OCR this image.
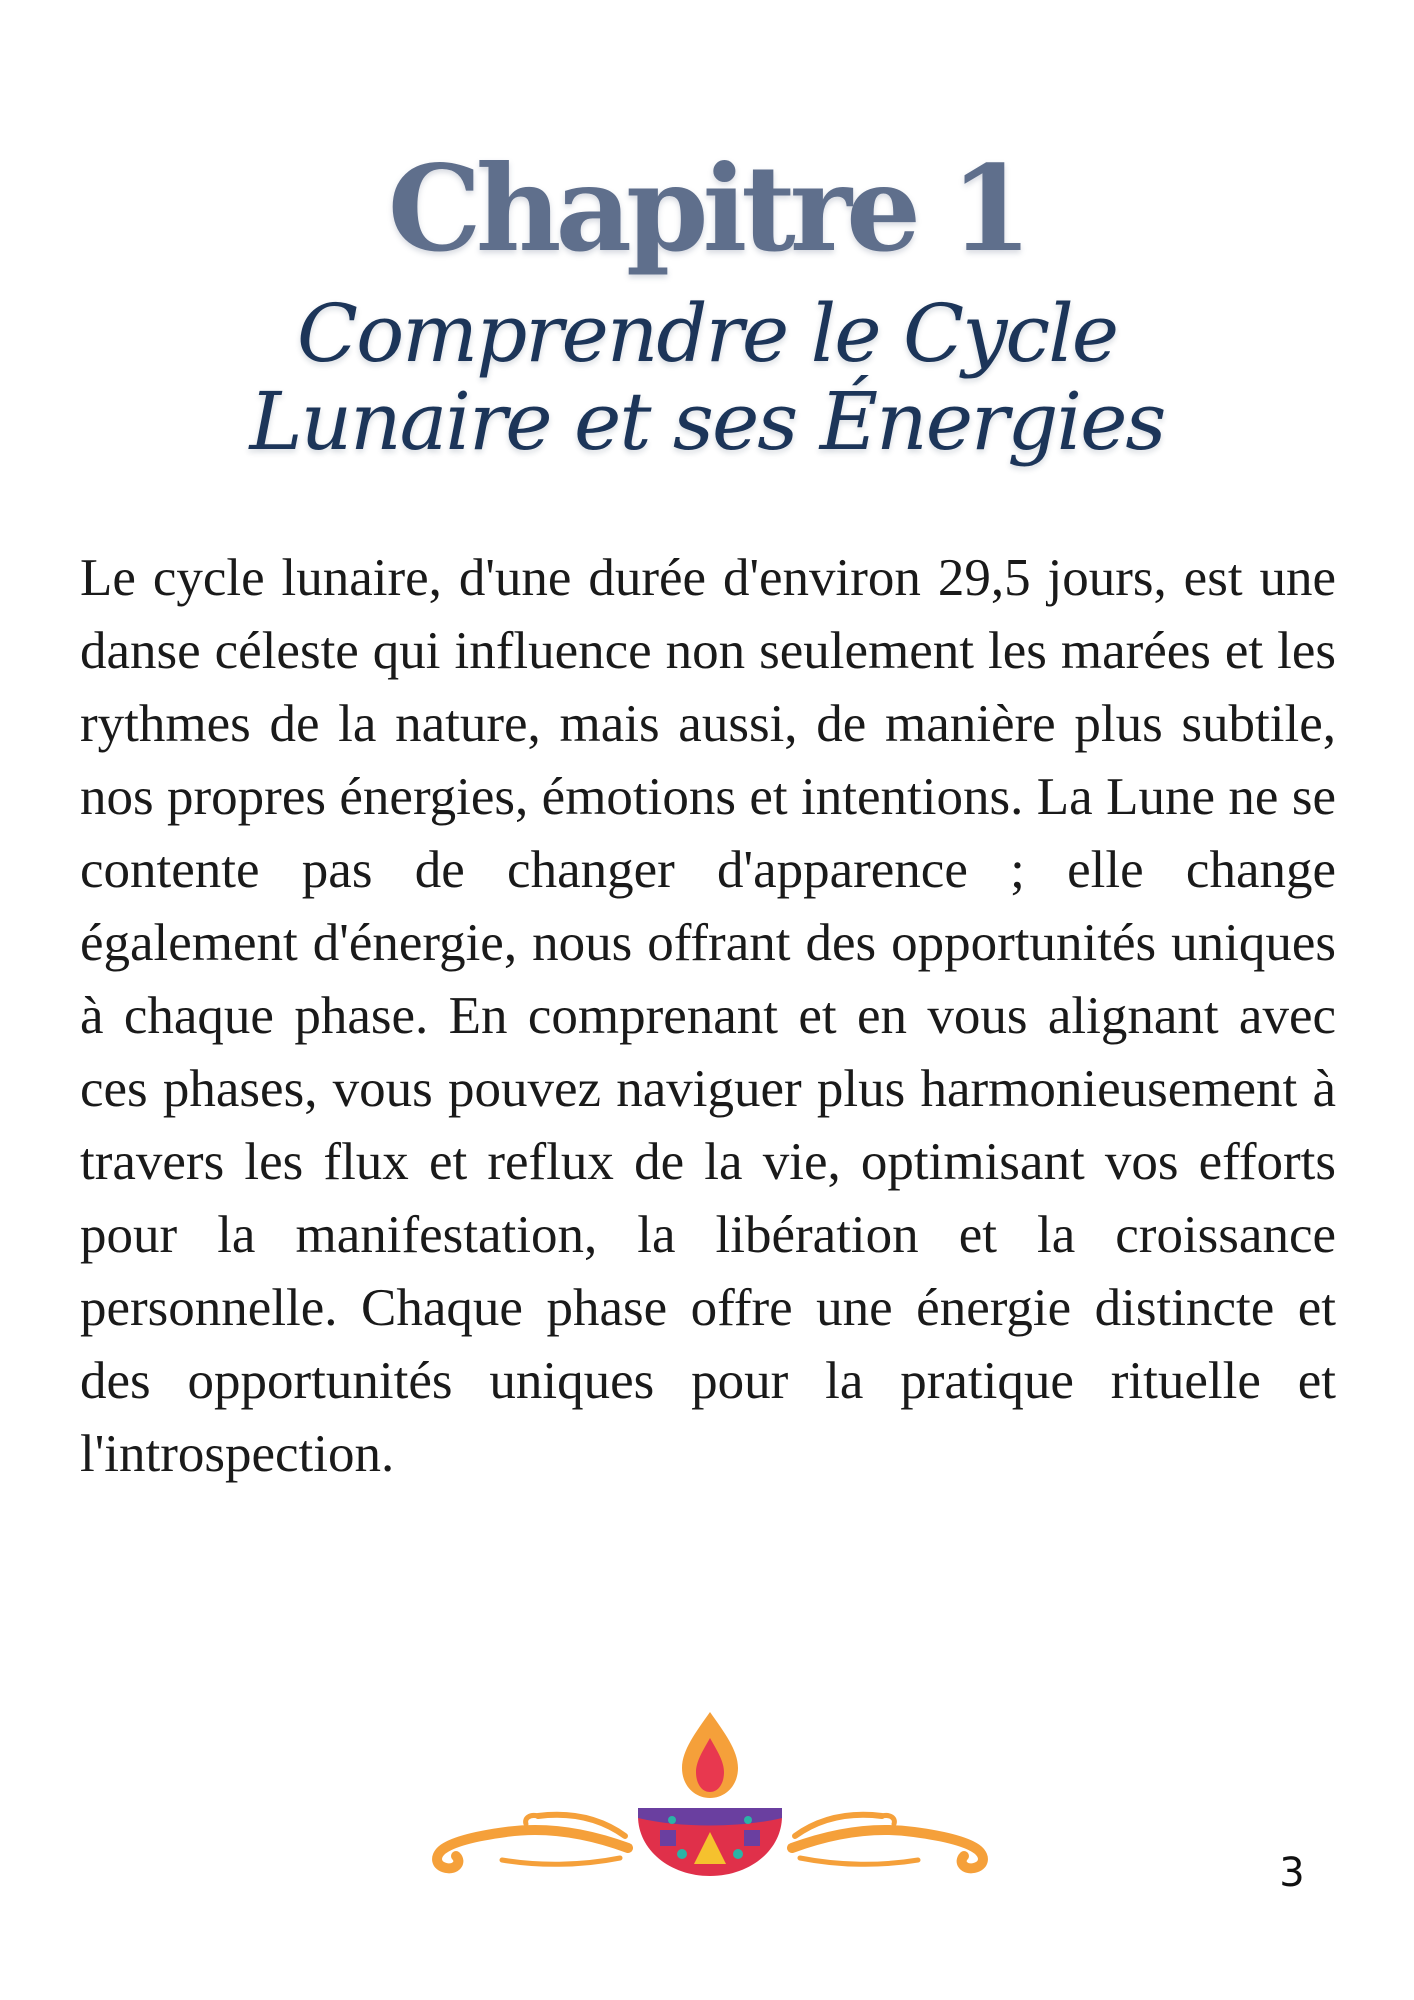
Chapitre 1
Comprendre le Cycle
Lunaire et ses Énergies

Le cycle lunaire, d'une durée d'environ 29,5 jours, est une danse céleste qui influence non seulement les marées et les rythmes de la nature, mais aussi, de manière plus subtile, nos propres énergies, émotions et intentions. La Lune ne se contente pas de changer d'apparence ; elle change également d'énergie, nous offrant des opportunités uniques à chaque phase. En comprenant et en vous alignant avec ces phases, vous pouvez naviguer plus harmonieusement à travers les flux et reflux de la vie, optimisant vos efforts pour la manifestation, la libération et la croissance personnelle. Chaque phase offre une énergie distincte et des opportunités uniques pour la pratique rituelle et l'introspection.

3
